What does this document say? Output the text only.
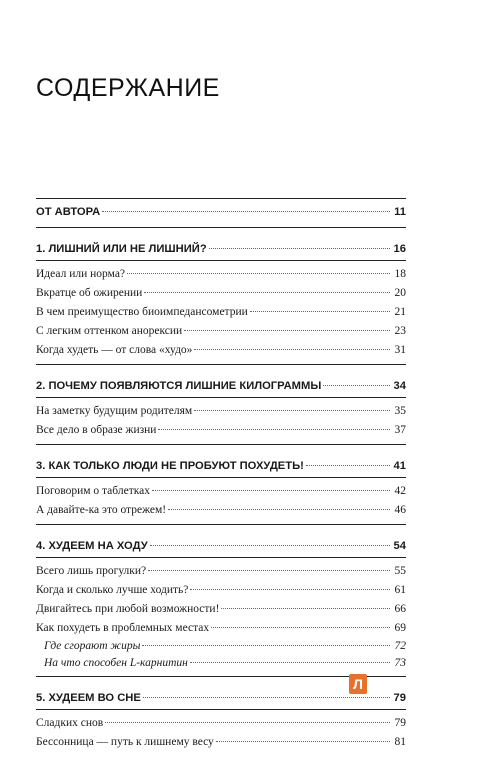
СОДЕРЖАНИЕ
ОТ АВТОРА	11
1. ЛИШНИЙ ИЛИ НЕ ЛИШНИЙ?	16
Идеал или норма?	18
Вкратце об ожирении	20
В чем преимущество биоимпедансометрии	21
С легким оттенком анорексии	23
Когда худеть — от слова «худо»	31
2. ПОЧЕМУ ПОЯВЛЯЮТСЯ ЛИШНИЕ КИЛОГРАММЫ	34
На заметку будущим родителям	35
Все дело в образе жизни	37
3. КАК ТОЛЬКО ЛЮДИ НЕ ПРОБУЮТ ПОХУДЕТЬ!	41
Поговорим о таблетках	42
А давайте-ка это отрежем!	46
4. ХУДЕЕМ НА ХОДУ	54
Всего лишь прогулки?	55
Когда и сколько лучше ходить?	61
Двигайтесь при любой возможности!	66
Как похудеть в проблемных местах	69
Где сгорают жиры	72
На что способен L-карнитин	73
5. ХУДЕЕМ ВО СНЕ	79
Сладких снов	79
Бессонница — путь к лишнему весу	81
Л
